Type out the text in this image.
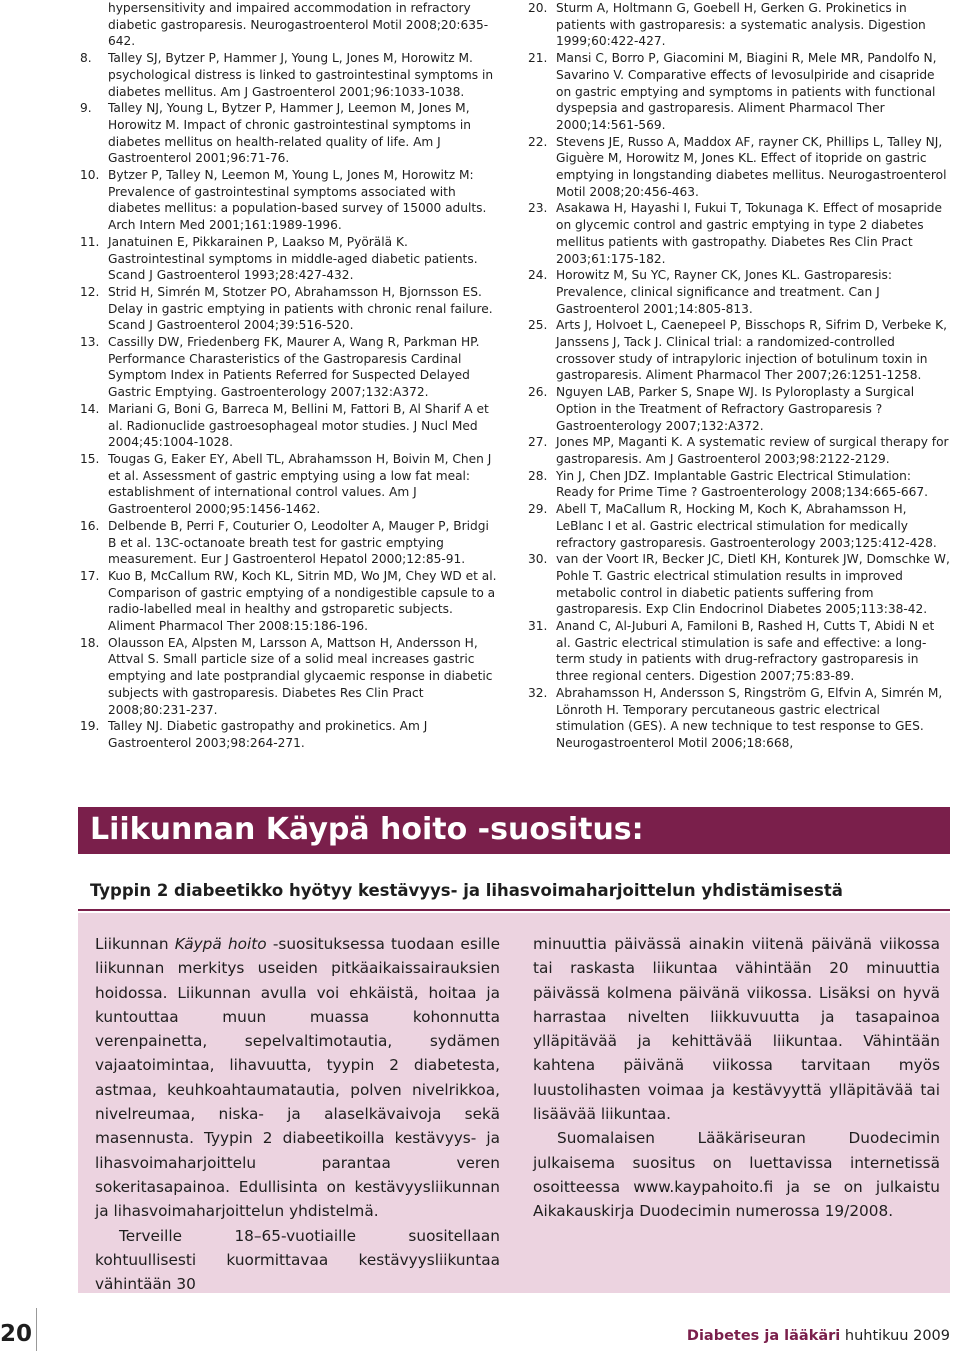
hypersensitivity and impaired accommodation in refractory diabetic gastroparesis. Neurogastroenterol Motil 2008;20:635-642.
8.	Talley SJ, Bytzer P, Hammer J, Young L, Jones M, Horowitz M. psychological distress is linked to gastrointestinal symptoms in diabetes mellitus. Am J Gastroenterol 2001;96:1033-1038.
9.	Talley NJ, Young L, Bytzer P, Hammer J, Leemon M, Jones M, Horowitz M. Impact of chronic gastrointestinal symptoms in diabetes mellitus on health-related quality of life. Am J Gastroenterol 2001;96:71-76.
10. Bytzer P, Talley N, Leemon M, Young L, Jones M, Horowitz M: Prevalence of gastrointestinal symptoms associated with diabetes mellitus: a population-based survey of 15000 adults. Arch Intern Med 2001;161:1989-1996.
11. Janatuinen E, Pikkarainen P, Laakso M, Pyörälä K. Gastrointestinal symptoms in middle-aged diabetic patients. Scand J Gastroenterol 1993;28:427-432.
12. Strid H, Simrén M, Stotzer PO, Abrahamsson H, Bjornsson ES. Delay in gastric emptying in patients with chronic renal failure. Scand J Gastroenterol 2004;39:516-520.
13. Cassilly DW, Friedenberg FK, Maurer A, Wang R, Parkman HP. Performance Charasteristics of the Gastroparesis Cardinal Symptom Index in Patients Referred for Suspected Delayed Gastric Emptying. Gastroenterology 2007;132:A372.
14. Mariani G, Boni G, Barreca M, Bellini M, Fattori B, Al Sharif A et al. Radionuclide gastroesophageal motor studies. J Nucl Med 2004;45:1004-1028.
15. Tougas G, Eaker EY, Abell TL, Abrahamsson H, Boivin M, Chen J et al. Assessment of gastric emptying using a low fat meal: establishment of international control values. Am J Gastroenterol 2000;95:1456-1462.
16. Delbende B, Perri F, Couturier O, Leodolter A, Mauger P, Bridgi B et al. 13C-octanoate breath test for gastric emptying measurement. Eur J Gastroenterol Hepatol 2000;12:85-91.
17. Kuo B, McCallum RW, Koch KL, Sitrin MD, Wo JM, Chey WD et al. Comparison of gastric emptying of a nondigestible capsule to a radio-labelled meal in healthy and gstroparetic subjects. Aliment Pharmacol Ther 2008:15:186-196.
18. Olausson EA, Alpsten M, Larsson A, Mattson H, Andersson H, Attval S. Small particle size of a solid meal increases gastric emptying and late postprandial glycaemic response in diabetic subjects with gastroparesis. Diabetes Res Clin Pract 2008;80:231-237.
19. Talley NJ. Diabetic gastropathy and prokinetics. Am J Gastroenterol 2003;98:264-271.
20. Sturm A, Holtmann G, Goebell H, Gerken G. Prokinetics in patients with gastroparesis: a systematic analysis. Digestion 1999;60:422-427.
21. Mansi C, Borro P, Giacomini M, Biagini R, Mele MR, Pandolfo N, Savarino V. Comparative effects of levosulpiride and cisapride on gastric emptying and symptoms in patients with functional dyspepsia and gastroparesis. Aliment Pharmacol Ther 2000;14:561-569.
22. Stevens JE, Russo A, Maddox AF, rayner CK, Phillips L, Talley NJ, Giguère M, Horowitz M, Jones KL. Effect of itopride on gastric emptying in longstanding diabetes mellitus. Neurogastroenterol Motil 2008;20:456-463.
23. Asakawa H, Hayashi I, Fukui T, Tokunaga K. Effect of mosapride on glycemic control and gastric emptying in type 2 diabetes mellitus patients with gastropathy. Diabetes Res Clin Pract 2003;61:175-182.
24. Horowitz M, Su YC, Rayner CK, Jones KL. Gastroparesis: Prevalence, clinical significance and treatment. Can J Gastroenterol 2001;14:805-813.
25. Arts J, Holvoet L, Caenepeel P, Bisschops R, Sifrim D, Verbeke K, Janssens J, Tack J. Clinical trial: a randomized-controlled crossover study of intrapyloric injection of botulinum toxin in gastroparesis. Aliment Pharmacol Ther 2007;26:1251-1258.
26. Nguyen LAB, Parker S, Snape WJ. Is Pyloroplasty a Surgical Option in the Treatment of Refractory Gastroparesis ? Gastroenterology 2007;132:A372.
27. Jones MP, Maganti K. A systematic review of surgical therapy for gastroparesis. Am J Gastroenterol 2003;98:2122-2129.
28. Yin J, Chen JDZ. Implantable Gastric Electrical Stimulation: Ready for Prime Time ? Gastroenterology 2008;134:665-667.
29. Abell T, MaCallum R, Hocking M, Koch K, Abrahamsson H, LeBlanc I et al. Gastric electrical stimulation for medically refractory gastroparesis. Gastroenterology 2003;125:412-428.
30. van der Voort IR, Becker JC, Dietl KH, Konturek JW, Domschke W, Pohle T. Gastric electrical stimulation results in improved metabolic control in diabetic patients suffering from gastroparesis. Exp Clin Endocrinol Diabetes 2005;113:38-42.
31. Anand C, Al-Juburi A, Familoni B, Rashed H, Cutts T, Abidi N et al. Gastric electrical stimulation is safe and effective: a long-term study in patients with drug-refractory gastroparesis in three regional centers. Digestion 2007;75:83-89.
32. Abrahamsson H, Andersson S, Ringström G, Elfvin A, Simrén M, Lönroth H. Temporary percutaneous gastric electrical stimulation (GES). A new technique to test response to GES. Neurogastroenterol Motil 2006;18:668,
Liikunnan Käypä hoito -suositus:
Typpin 2 diabeetikko hyötyy kestävyys- ja lihasvoimaharjoittelun yhdistämisestä

Liikunnan Käypä hoito -suosituksessa tuodaan esille liikunnan merkitys useiden pitkäaikaissairauksien hoidossa. Liikunnan avulla voi ehkäistä, hoitaa ja kuntouttaa muun muassa kohonnutta verenpainetta, sepelvaltimotautia, sydämen vajaatoimintaa, lihavuutta, tyypin 2 diabetesta, astmaa, keuhkoahtaumatautia, polven nivelrikkoa, nivelreumaa, niska- ja alaselkävaivoja sekä masennusta. Tyypin 2 diabeetikoilla kestävyys- ja lihasvoimaharjoittelu parantaa veren sokeritasapainoa. Edullisinta on kestävyysliikunnan ja lihasvoimaharjoittelun yhdistelmä.

Terveille 18–65-vuotiaille suositellaan kohtuullisesti kuormittavaa kestävyysliikuntaa vähintään 30

minuuttia päivässä ainakin viitenä päivänä viikossa tai raskasta liikuntaa vähintään 20 minuuttia päivässä kolmena päivänä viikossa. Lisäksi on hyvä harrastaa nivelten liikkuvuutta ja tasapainoa ylläpitävää ja kehittävää liikuntaa. Vähintään kahtena päivänä viikossa tarvitaan myös luustolihasten voimaa ja kestävyyttä ylläpitävää tai lisäävää liikuntaa.

Suomalaisen Lääkäriseuran Duodecimin julkaisema suositus on luettavissa internetissä osoitteessa www.kaypahoito.fi ja se on julkaistu Aikakauskirja Duodecimin numerossa 19/2008.

20	Diabetes ja lääkäri huhtikuu 2009
